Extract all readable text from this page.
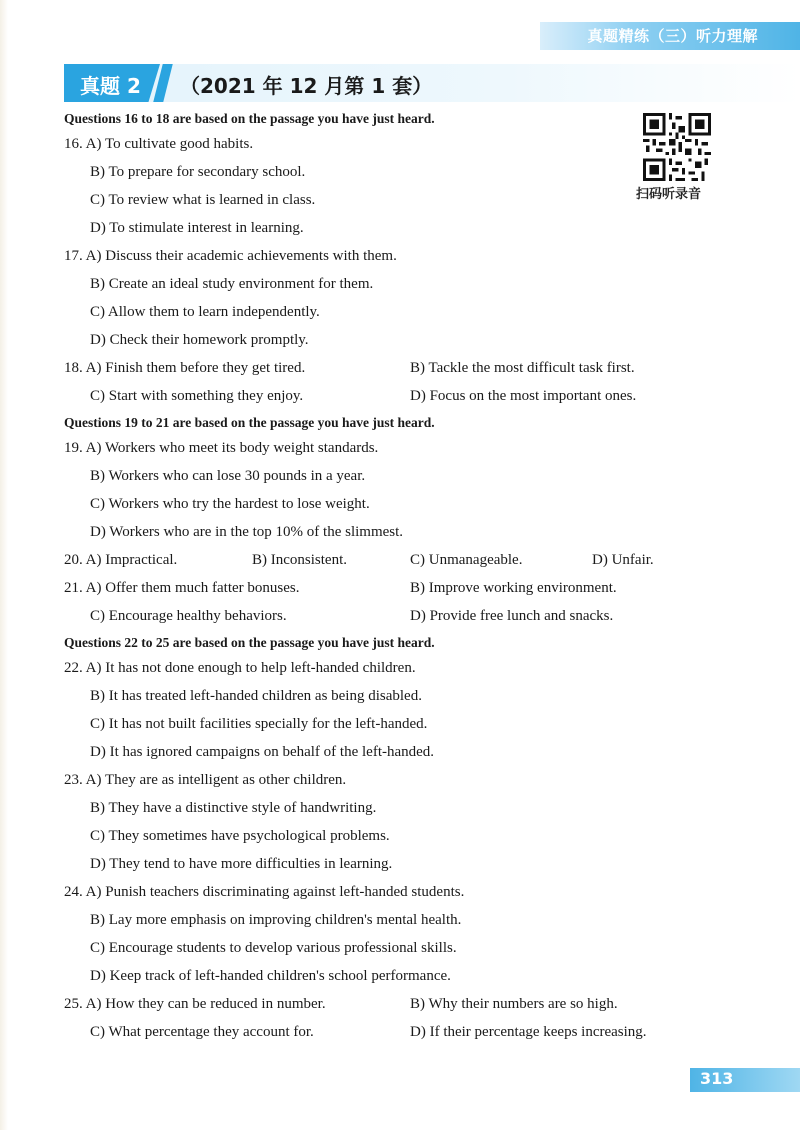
真题精练（三）听力理解
真题 2 （2021 年 12 月第 1 套）
扫码听录音
Questions 16 to 18 are based on the passage you have just heard.
16. A) To cultivate good habits.
B) To prepare for secondary school.
C) To review what is learned in class.
D) To stimulate interest in learning.
17. A) Discuss their academic achievements with them.
B) Create an ideal study environment for them.
C) Allow them to learn independently.
D) Check their homework promptly.
18. A) Finish them before they get tired.	B) Tackle the most difficult task first.
C) Start with something they enjoy.	D) Focus on the most important ones.
Questions 19 to 21 are based on the passage you have just heard.
19. A) Workers who meet its body weight standards.
B) Workers who can lose 30 pounds in a year.
C) Workers who try the hardest to lose weight.
D) Workers who are in the top 10% of the slimmest.
20. A) Impractical.	B) Inconsistent.	C) Unmanageable.	D) Unfair.
21. A) Offer them much fatter bonuses.	B) Improve working environment.
C) Encourage healthy behaviors.	D) Provide free lunch and snacks.
Questions 22 to 25 are based on the passage you have just heard.
22. A) It has not done enough to help left-handed children.
B) It has treated left-handed children as being disabled.
C) It has not built facilities specially for the left-handed.
D) It has ignored campaigns on behalf of the left-handed.
23. A) They are as intelligent as other children.
B) They have a distinctive style of handwriting.
C) They sometimes have psychological problems.
D) They tend to have more difficulties in learning.
24. A) Punish teachers discriminating against left-handed students.
B) Lay more emphasis on improving children's mental health.
C) Encourage students to develop various professional skills.
D) Keep track of left-handed children's school performance.
25. A) How they can be reduced in number.	B) Why their numbers are so high.
C) What percentage they account for.	D) If their percentage keeps increasing.
313
